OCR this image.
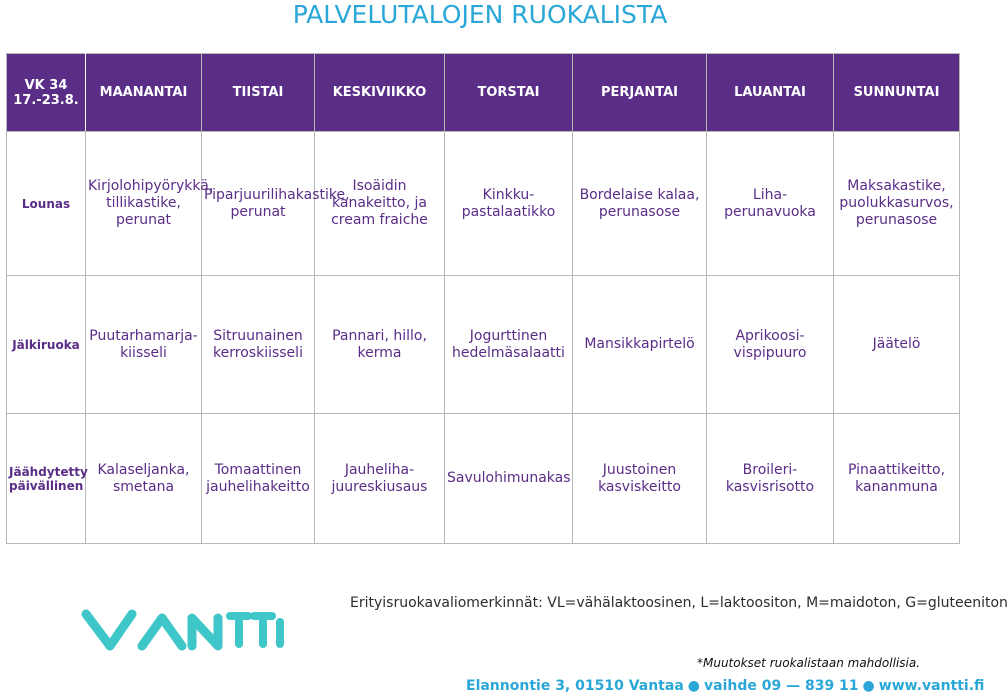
PALVELUTALOJEN RUOKALISTA
VK 34
17.-23.8.	MAANANTAI	TIISTAI	KESKIVIIKKO	TORSTAI	PERJANTAI	LAUANTAI	SUNNUNTAI
Lounas	Kirjolohipyörykkä, tillikastike, perunat	Piparjuurilihakastike, perunat	Isoäidin kanakeitto, ja cream fraiche	Kinkku-pastalaatikko	Bordelaise kalaa, perunasose	Liha-perunavuoka	Maksakastike, puolukkasurvos, perunasose
Jälkiruoka	Puutarhamarja-kiisseli	Sitruunainen kerroskiisseli	Pannari, hillo, kerma	Jogurttinen hedelmäsalaatti	Mansikkapirtelö	Aprikoosi-vispipuuro	Jäätelö
Jäähdytetty
päivällinen	Kalaseljanka, smetana	Tomaattinen jauhelihakeitto	Jauheliha-juureskiusaus	Savulohimunakas	Juustoinen kasviskeitto	Broileri-kasvisrisotto	Pinaattikeitto, kananmuna
Erityisruokavaliomerkinnät: VL=vähälaktoosinen, L=laktoositon, M=maidoton, G=gluteeniton
*Muutokset ruokalistaan mahdollisia.
Elannontie 3, 01510 Vantaa ● vaihde 09 — 839 11 ● www.vantti.fi
